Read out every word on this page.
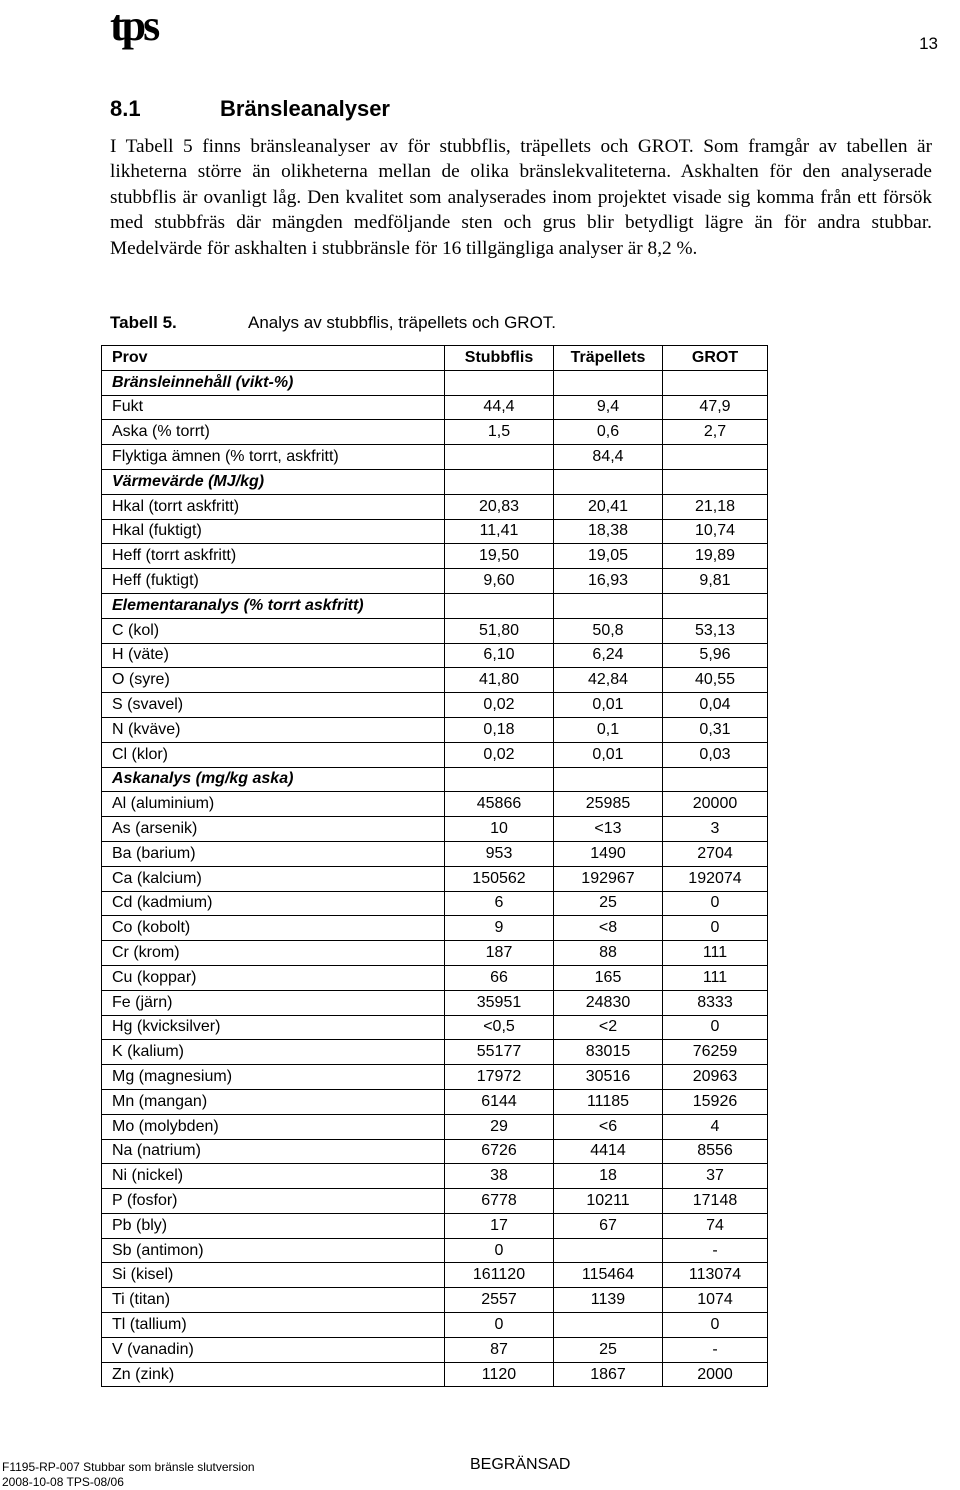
tps	13
8.1	Bränsleanalyser

I Tabell 5 finns bränsleanalyser av för stubbflis, träpellets och GROT. Som framgår av tabellen är likheterna större än olikheterna mellan de olika bränslekvaliteterna. Askhalten för den analyserade stubbflis är ovanligt låg. Den kvalitet som analyserades inom projektet visade sig komma från ett försök med stubbfräs där mängden medföljande sten och grus blir betydligt lägre än för andra stubbar. Medelvärde för askhalten i stubbränsle för 16 tillgängliga analyser är 8,2 %.

Tabell 5.	Analys av stubbflis, träpellets och GROT.
Prov	Stubbflis	Träpellets	GROT
Bränsleinnehåll (vikt-%)			
Fukt	44,4	9,4	47,9
Aska (% torrt)	1,5	0,6	2,7
Flyktiga ämnen (% torrt, askfritt)		84,4	
Värmevärde (MJ/kg)			
Hkal (torrt askfritt)	20,83	20,41	21,18
Hkal (fuktigt)	11,41	18,38	10,74
Heff (torrt askfritt)	19,50	19,05	19,89
Heff (fuktigt)	9,60	16,93	9,81
Elementaranalys (% torrt askfritt)			
C (kol)	51,80	50,8	53,13
H (väte)	6,10	6,24	5,96
O (syre)	41,80	42,84	40,55
S (svavel)	0,02	0,01	0,04
N (kväve)	0,18	0,1	0,31
Cl (klor)	0,02	0,01	0,03
Askanalys (mg/kg aska)			
Al (aluminium)	45866	25985	20000
As (arsenik)	10	<13	3
Ba (barium)	953	1490	2704
Ca (kalcium)	150562	192967	192074
Cd (kadmium)	6	25	0
Co (kobolt)	9	<8	0
Cr (krom)	187	88	111
Cu (koppar)	66	165	111
Fe (järn)	35951	24830	8333
Hg (kvicksilver)	<0,5	<2	0
K (kalium)	55177	83015	76259
Mg (magnesium)	17972	30516	20963
Mn (mangan)	6144	11185	15926
Mo (molybden)	29	<6	4
Na (natrium)	6726	4414	8556
Ni (nickel)	38	18	37
P (fosfor)	6778	10211	17148
Pb (bly)	17	67	74
Sb (antimon)	0		-
Si (kisel)	161120	115464	113074
Ti (titan)	2557	1139	1074
Tl (tallium)	0		0
V (vanadin)	87	25	-
Zn (zink)	1120	1867	2000
F1195-RP-007 Stubbar som bränsle slutversion
2008-10-08 TPS-08/06
BEGRÄNSAD
